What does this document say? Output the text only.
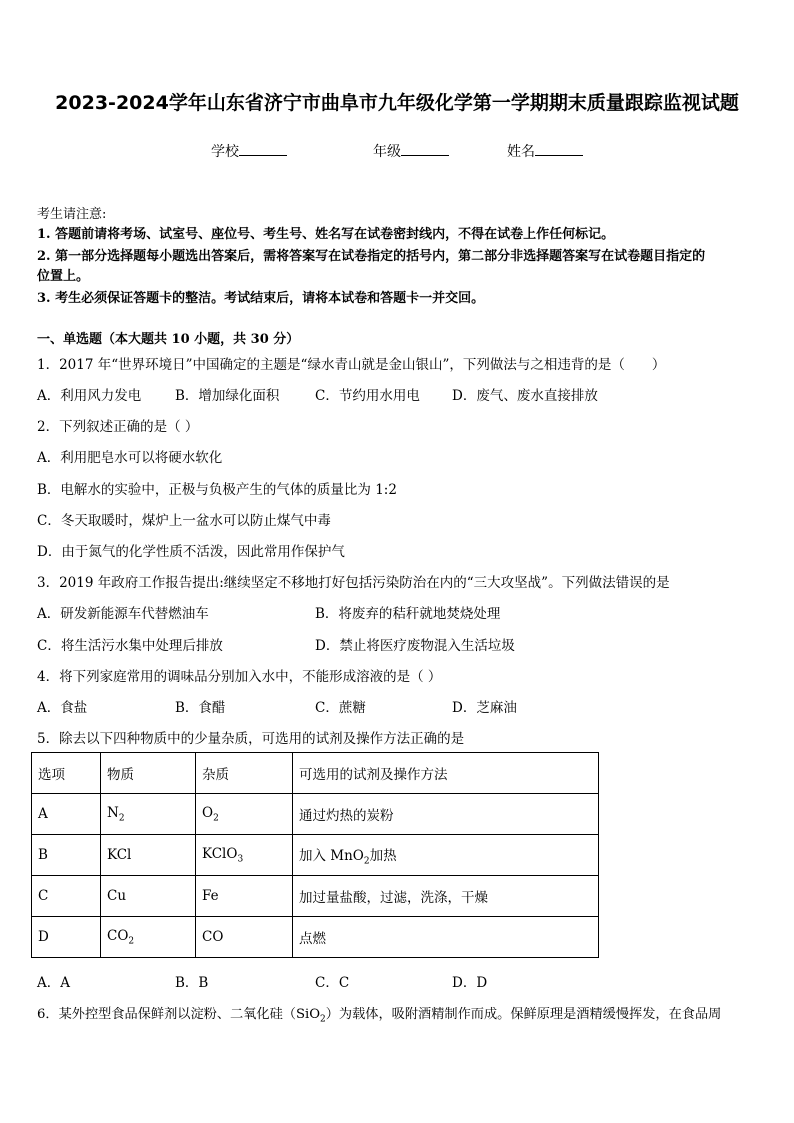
2023-2024学年山东省济宁市曲阜市九年级化学第一学期期末质量跟踪监视试题
学校	年级	姓名
考生请注意:
1. 答题前请将考场、试室号、座位号、考生号、姓名写在试卷密封线内，不得在试卷上作任何标记。
2. 第一部分选择题每小题选出答案后，需将答案写在试卷指定的括号内，第二部分非选择题答案写在试卷题目指定的
位置上。
3. 考生必须保证答题卡的整洁。考试结束后，请将本试卷和答题卡一并交回。
一、单选题（本大题共 10 小题，共 30 分）
1．2017 年“世界环境日”中国确定的主题是“绿水青山就是金山银山”，下列做法与之相违背的是（　　）
A．利用风力发电	B．增加绿化面积	C．节约用水用电 D．废气、废水直接排放
2．下列叙述正确的是（ ）
A．利用肥皂水可以将硬水软化
B．电解水的实验中，正极与负极产生的气体的质量比为 1:2
C．冬天取暖时，煤炉上一盆水可以防止煤气中毒
D．由于氮气的化学性质不活泼，因此常用作保护气
3．2019 年政府工作报告提出:继续坚定不移地打好包括污染防治在内的“三大攻坚战”。下列做法错误的是
A．研发新能源车代替燃油车	B．将废弃的秸秆就地焚烧处理
C．将生活污水集中处理后排放	D．禁止将医疗废物混入生活垃圾
4．将下列家庭常用的调味品分别加入水中，不能形成溶液的是（ ）
A．食盐	B．食醋	C．蔗糖	D．芝麻油
5．除去以下四种物质中的少量杂质，可选用的试剂及操作方法正确的是
选项	物质	杂质	可选用的试剂及操作方法
A	$N_2$	$O_2$	通过灼热的炭粉
B	KCl	KClO$_3$	加入 MnO$_2$加热
C	Cu	Fe	加过量盐酸，过滤，洗涤，干燥
D	$CO_2$	CO	点燃
A．A	B．B	C．C	D．D
6．某外控型食品保鲜剂以淀粉、二氧化硅（SiO$_2$）为载体，吸附酒精制作而成。保鲜原理是酒精缓慢挥发，在食品周
